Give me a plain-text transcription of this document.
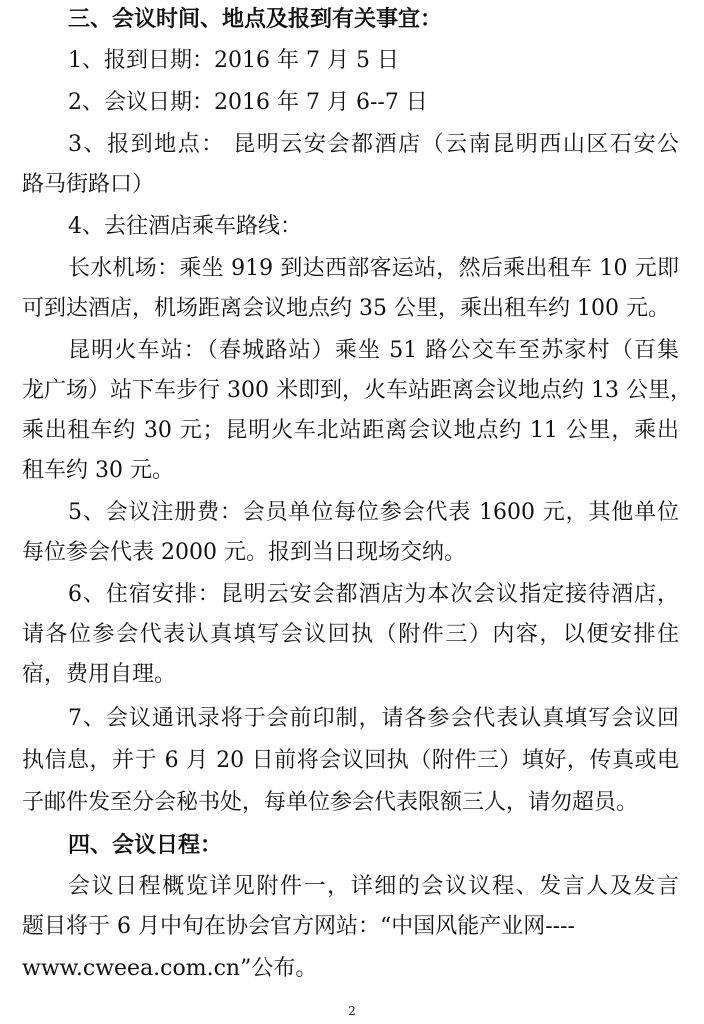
三、会议时间、地点及报到有关事宜：
1、报到日期：2016 年 7 月 5 日
2、会议日期：2016 年 7 月 6--7 日
3、报到地点： 昆明云安会都酒店（云南昆明西山区石安公
路马街路口）
4、去往酒店乘车路线：
长水机场：乘坐 919 到达西部客运站，然后乘出租车 10 元即
可到达酒店，机场距离会议地点约 35 公里，乘出租车约 100 元。
昆明火车站：（春城路站）乘坐 51 路公交车至苏家村（百集
龙广场）站下车步行 300 米即到，火车站距离会议地点约 13 公里，
乘出租车约 30 元；昆明火车北站距离会议地点约 11 公里，乘出
租车约 30 元。
5、会议注册费：会员单位每位参会代表 1600 元，其他单位
每位参会代表 2000 元。报到当日现场交纳。
6、住宿安排：昆明云安会都酒店为本次会议指定接待酒店，
请各位参会代表认真填写会议回执（附件三）内容，以便安排住
宿，费用自理。
7、会议通讯录将于会前印制，请各参会代表认真填写会议回
执信息，并于 6 月 20 日前将会议回执（附件三）填好，传真或电
子邮件发至分会秘书处，每单位参会代表限额三人，请勿超员。
四、会议日程：
会议日程概览详见附件一，详细的会议议程、发言人及发言
题目将于 6 月中旬在协会官方网站：“中国风能产业网----
www.cweea.com.cn”公布。
2
